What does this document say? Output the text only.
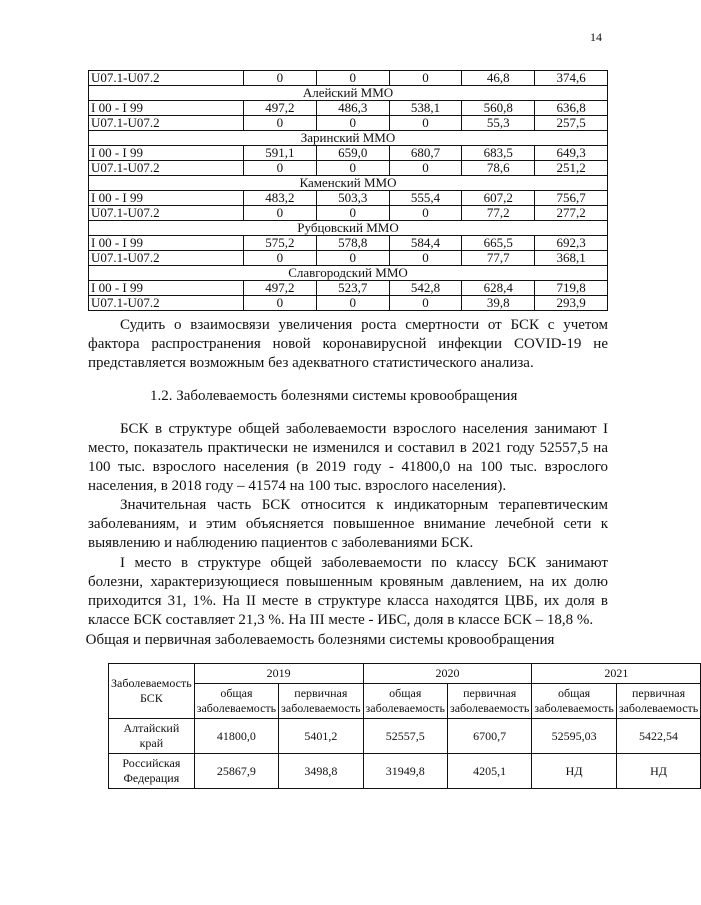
14
U07.1-U07.2	0	0	0	46,8	374,6
Алейский ММО					
I 00 - I 99	497,2	486,3	538,1	560,8	636,8
U07.1-U07.2	0	0	0	55,3	257,5
Заринский ММО					
I 00 - I 99	591,1	659,0	680,7	683,5	649,3
U07.1-U07.2	0	0	0	78,6	251,2
Каменский ММО					
I 00 - I 99	483,2	503,3	555,4	607,2	756,7
U07.1-U07.2	0	0	0	77,2	277,2
Рубцовский ММО					
I 00 - I 99	575,2	578,8	584,4	665,5	692,3
U07.1-U07.2	0	0	0	77,7	368,1
Славгородский ММО					
I 00 - I 99	497,2	523,7	542,8	628,4	719,8
U07.1-U07.2	0	0	0	39,8	293,9
Судить о взаимосвязи увеличения роста смертности от БСК с учетом фактора распространения новой коронавирусной инфекции COVID-19 не представляется возможным без адекватного статистического анализа.
1.2. Заболеваемость болезнями системы кровообращения
БСК в структуре общей заболеваемости взрослого населения занимают I место, показатель практически не изменился и составил в 2021 году 52557,5 на 100 тыс. взрослого населения (в 2019 году - 41800,0 на 100 тыс. взрослого населения, в 2018 году – 41574 на 100 тыс. взрослого населения).
Значительная часть БСК относится к индикаторным терапевтическим заболеваниям, и этим объясняется повышенное внимание лечебной сети к выявлению и наблюдению пациентов с заболеваниями БСК.
I место в структуре общей заболеваемости по классу БСК занимают болезни, характеризующиеся повышенным кровяным давлением, на их долю приходится 31, 1%. На II месте в структуре класса находятся ЦВБ, их доля в классе БСК составляет 21,3 %. На III месте - ИБС, доля в классе БСК – 18,8 %.
Общая и первичная заболеваемость болезнями системы кровообращения
Заболеваемость БСК	2019		2020		2021	
	общая заболеваемость	первичная заболеваемость	общая заболеваемость	первичная заболеваемость	общая заболеваемость	первичная заболеваемость
Алтайский край	41800,0	5401,2	52557,5	6700,7	52595,03	5422,54
Российская Федерация	25867,9	3498,8	31949,8	4205,1	НД	НД
